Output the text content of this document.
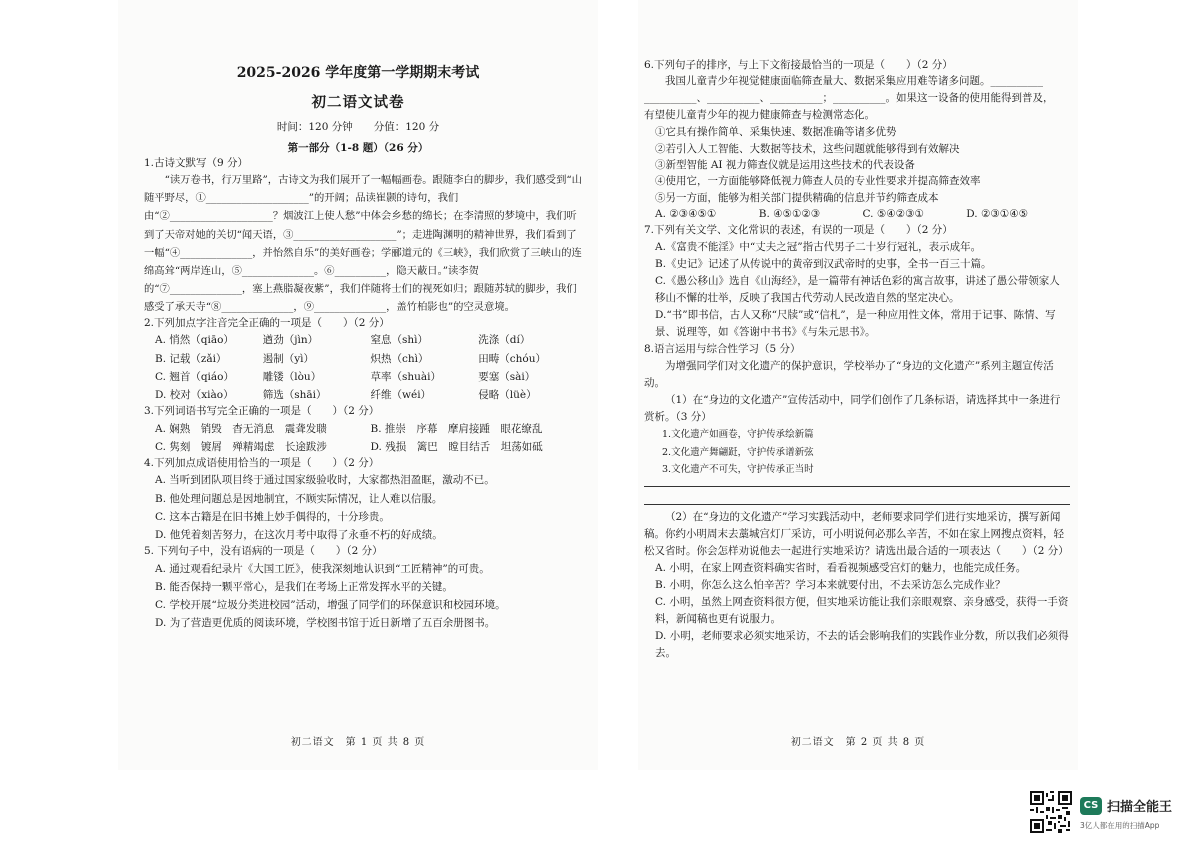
2025-2026 学年度第一学期期末考试

初二语文试卷

时间：120 分钟　　分值：120 分

第一部分（1-8 题）（26 分）

1.古诗文默写（9 分）

“读万卷书，行万里路”，古诗文为我们展开了一幅幅画卷。跟随李白的脚步，我们感受到“山随平野尽，①____________________”的开阔；品读崔颢的诗句，我们由“②____________________？烟波江上使人愁”中体会乡愁的绵长；在李清照的梦境中，我们听到了天帝对她的关切“闻天语，③____________________”；走进陶渊明的精神世界，我们看到了一幅“④______________，并怡然自乐”的美好画卷；学郦道元的《三峡》，我们欣赏了三峡山的连绵高耸“两岸连山，⑤______________。⑥__________，隐天蔽日。”读李贺的“⑦______________，塞上燕脂凝夜紫”，我们伴随将士们的视死如归；跟随苏轼的脚步，我们感受了承天寺“⑧______________，⑨______________，盖竹柏影也”的空灵意境。

2.下列加点字注音完全正确的一项是（　　）（2 分）

A. 悄然（qiāo）	遒劲（jìn）	窒息（shì）	洗涤（dí）
B. 记载（zǎi）	遏制（yì）	炽热（chì）	田畴（chóu）
C. 翘首（qiáo）	雕镂（lòu）	草率（shuài）	要塞（sài）
D. 校对（xiào）	筛选（shāi）	纤维（wéi）	侵略（lüè）

3.下列词语书写完全正确的一项是（　　）（2 分）

A. 娴熟　销毁　杳无消息　震聋发聩	B. 推崇　序幕　摩肩接踵　眼花缭乱
C. 隽刻　镀屑　殚精竭虑　长途跋涉	D. 残损　篱巴　瞠目结舌　坦荡如砥

4.下列加点成语使用恰当的一项是（　　）（2 分）

A. 当听到团队项目终于通过国家级验收时，大家都热泪盈眶，激动不已。

B. 他处理问题总是因地制宜，不顾实际情况，让人难以信服。

C. 这本古籍是在旧书摊上妙手偶得的，十分珍贵。

D. 他凭着刻苦努力，在这次月考中取得了永垂不朽的好成绩。

5. 下列句子中，没有语病的一项是（　　）（2 分）

A. 通过观看纪录片《大国工匠》，使我深刻地认识到“工匠精神”的可贵。

B. 能否保持一颗平常心，是我们在考场上正常发挥水平的关键。

C. 学校开展“垃圾分类进校园”活动，增强了同学们的环保意识和校园环境。

D. 为了营造更优质的阅读环境，学校图书馆于近日新增了五百余册图书。

初二语文　第 1 页 共 8 页

6.下列句子的排序，与上下文衔接最恰当的一项是（　　）（2 分）

我国儿童青少年视觉健康面临筛查量大、数据采集应用难等诸多问题。__________

__________、__________、__________；__________。如果这一设备的使用能得到普及，

有望使儿童青少年的视力健康筛查与检测常态化。

①它具有操作简单、采集快速、数据准确等诸多优势

②若引入人工智能、大数据等技术，这些问题就能够得到有效解决

③新型智能 AI 视力筛查仪就是运用这些技术的代表设备

④使用它，一方面能够降低视力筛查人员的专业性要求并提高筛查效率

⑤另一方面，能够为相关部门提供精确的信息并节约筛查成本

A. ②③④⑤①	B. ④⑤①②③	C. ⑤④②③①	D. ②③①④⑤

7.下列有关文学、文化常识的表述，有误的一项是（　　）（2 分）

A.《富贵不能淫》中“丈夫之冠”指古代男子二十岁行冠礼，表示成年。

B.《史记》记述了从传说中的黄帝到汉武帝时的史事，全书一百三十篇。

C.《愚公移山》选自《山海经》，是一篇带有神话色彩的寓言故事，讲述了愚公带领家人移山不懈的壮举，反映了我国古代劳动人民改造自然的坚定决心。

D.“书”即书信，古人又称“尺牍”或“信札”，是一种应用性文体，常用于记事、陈情、写景、说理等，如《答谢中书书》《与朱元思书》。

8.语言运用与综合性学习（5 分）

为增强同学们对文化遗产的保护意识，学校举办了“身边的文化遗产”系列主题宣传活动。

（1）在“身边的文化遗产”宣传活动中，同学们创作了几条标语，请选择其中一条进行赏析。（3 分）

1.文化遗产如画卷，守护传承绘新篇

2.文化遗产舞翩跹，守护传承谱新弦

3.文化遗产不可失，守护传承正当时

（2）在“身边的文化遗产”学习实践活动中，老师要求同学们进行实地采访，撰写新闻稿。你约小明周末去藁城宫灯厂采访，可小明说何必那么辛苦，不如在家上网搜点资料，轻松又省时。你会怎样劝说他去一起进行实地采访？请选出最合适的一项表达（　　）（2 分）

A. 小明，在家上网查资料确实省时，看看视频感受宫灯的魅力，也能完成任务。

B. 小明，你怎么这么怕辛苦？学习本来就要付出，不去采访怎么完成作业？

C. 小明，虽然上网查资料很方便，但实地采访能让我们亲眼观察、亲身感受，获得一手资料，新闻稿也更有说服力。

D. 小明，老师要求必须实地采访，不去的话会影响我们的实践作业分数，所以我们必须得去。

初二语文　第 2 页 共 8 页

CS 扫描全能王
3亿人都在用的扫描App
